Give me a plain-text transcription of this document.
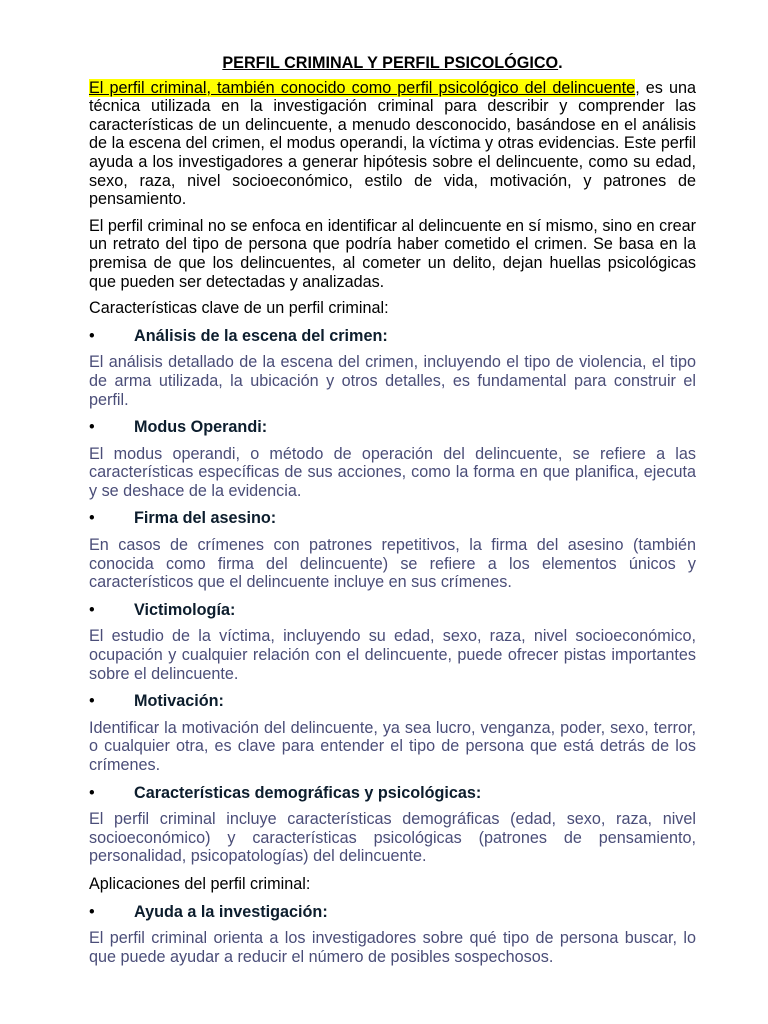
PERFIL CRIMINAL Y PERFIL PSICOLÓGICO.

El perfil criminal, también conocido como perfil psicológico del delincuente, es una técnica utilizada en la investigación criminal para describir y comprender las características de un delincuente, a menudo desconocido, basándose en el análisis de la escena del crimen, el modus operandi, la víctima y otras evidencias. Este perfil ayuda a los investigadores a generar hipótesis sobre el delincuente, como su edad, sexo, raza, nivel socioeconómico, estilo de vida, motivación, y patrones de pensamiento.

El perfil criminal no se enfoca en identificar al delincuente en sí mismo, sino en crear un retrato del tipo de persona que podría haber cometido el crimen. Se basa en la premisa de que los delincuentes, al cometer un delito, dejan huellas psicológicas que pueden ser detectadas y analizadas.

Características clave de un perfil criminal:

• Análisis de la escena del crimen:

El análisis detallado de la escena del crimen, incluyendo el tipo de violencia, el tipo de arma utilizada, la ubicación y otros detalles, es fundamental para construir el perfil.

• Modus Operandi:

El modus operandi, o método de operación del delincuente, se refiere a las características específicas de sus acciones, como la forma en que planifica, ejecuta y se deshace de la evidencia.

• Firma del asesino:

En casos de crímenes con patrones repetitivos, la firma del asesino (también conocida como firma del delincuente) se refiere a los elementos únicos y característicos que el delincuente incluye en sus crímenes.

• Victimología:

El estudio de la víctima, incluyendo su edad, sexo, raza, nivel socioeconómico, ocupación y cualquier relación con el delincuente, puede ofrecer pistas importantes sobre el delincuente.

• Motivación:

Identificar la motivación del delincuente, ya sea lucro, venganza, poder, sexo, terror, o cualquier otra, es clave para entender el tipo de persona que está detrás de los crímenes.

• Características demográficas y psicológicas:

El perfil criminal incluye características demográficas (edad, sexo, raza, nivel socioeconómico) y características psicológicas (patrones de pensamiento, personalidad, psicopatologías) del delincuente.

Aplicaciones del perfil criminal:

• Ayuda a la investigación:

El perfil criminal orienta a los investigadores sobre qué tipo de persona buscar, lo que puede ayudar a reducir el número de posibles sospechosos.
